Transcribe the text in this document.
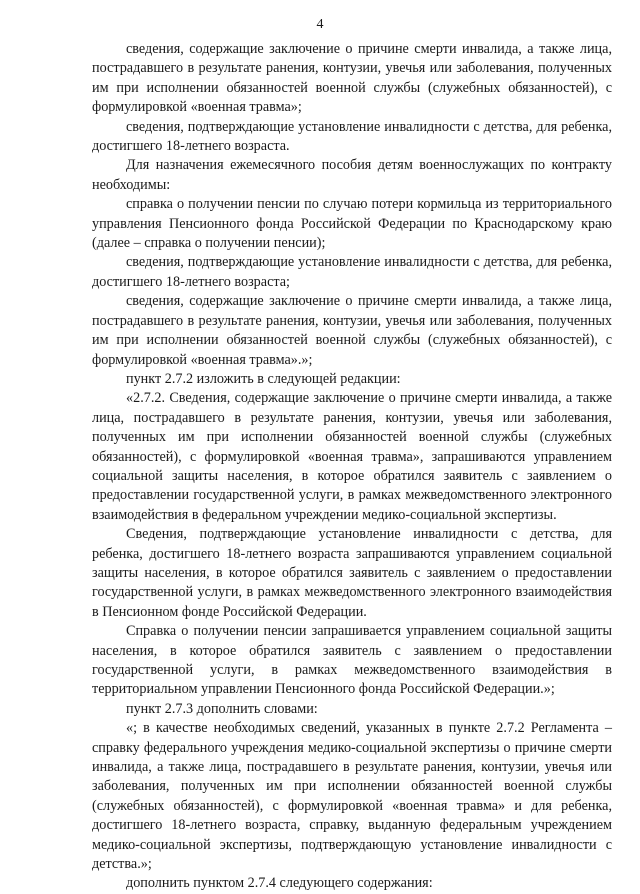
4

сведения, содержащие заключение о причине смерти инвалида, а также лица, пострадавшего в результате ранения, контузии, увечья или заболевания, полученных им при исполнении обязанностей военной службы (служебных обязанностей), с формулировкой «военная травма»;

сведения, подтверждающие установление инвалидности с детства, для ребенка, достигшего 18-летнего возраста.

Для назначения ежемесячного пособия детям военнослужащих по контракту необходимы:

справка о получении пенсии по случаю потери кормильца из территориального управления Пенсионного фонда Российской Федерации по Краснодарскому краю (далее – справка о получении пенсии);

сведения, подтверждающие установление инвалидности с детства, для ребенка, достигшего 18-летнего возраста;

сведения, содержащие заключение о причине смерти инвалида, а также лица, пострадавшего в результате ранения, контузии, увечья или заболевания, полученных им при исполнении обязанностей военной службы (служебных обязанностей), с формулировкой «военная травма».»;

пункт 2.7.2 изложить в следующей редакции:

«2.7.2. Сведения, содержащие заключение о причине смерти инвалида, а также лица, пострадавшего в результате ранения, контузии, увечья или заболевания, полученных им при исполнении обязанностей военной службы (служебных обязанностей), с формулировкой «военная травма», запрашиваются управлением социальной защиты населения, в которое обратился заявитель с заявлением о предоставлении государственной услуги, в рамках межведомственного электронного взаимодействия в федеральном учреждении медико-социальной экспертизы.

Сведения, подтверждающие установление инвалидности с детства, для ребенка, достигшего 18-летнего возраста запрашиваются управлением социальной защиты населения, в которое обратился заявитель с заявлением о предоставлении государственной услуги, в рамках межведомственного электронного взаимодействия в Пенсионном фонде Российской Федерации.

Справка о получении пенсии запрашивается управлением социальной защиты населения, в которое обратился заявитель с заявлением о предоставлении государственной услуги, в рамках межведомственного взаимодействия в территориальном управлении Пенсионного фонда Российской Федерации.»;

пункт 2.7.3 дополнить словами:

«; в качестве необходимых сведений, указанных в пункте 2.7.2 Регламента – справку федерального учреждения медико-социальной экспертизы о причине смерти инвалида, а также лица, пострадавшего в результате ранения, контузии, увечья или заболевания, полученных им при исполнении обязанностей военной службы (служебных обязанностей), с формулировкой «военная травма» и для ребенка, достигшего 18-летнего возраста, справку, выданную федеральным учреждением медико-социальной экспертизы, подтверждающую установление инвалидности с детства.»;

дополнить пунктом 2.7.4 следующего содержания:
